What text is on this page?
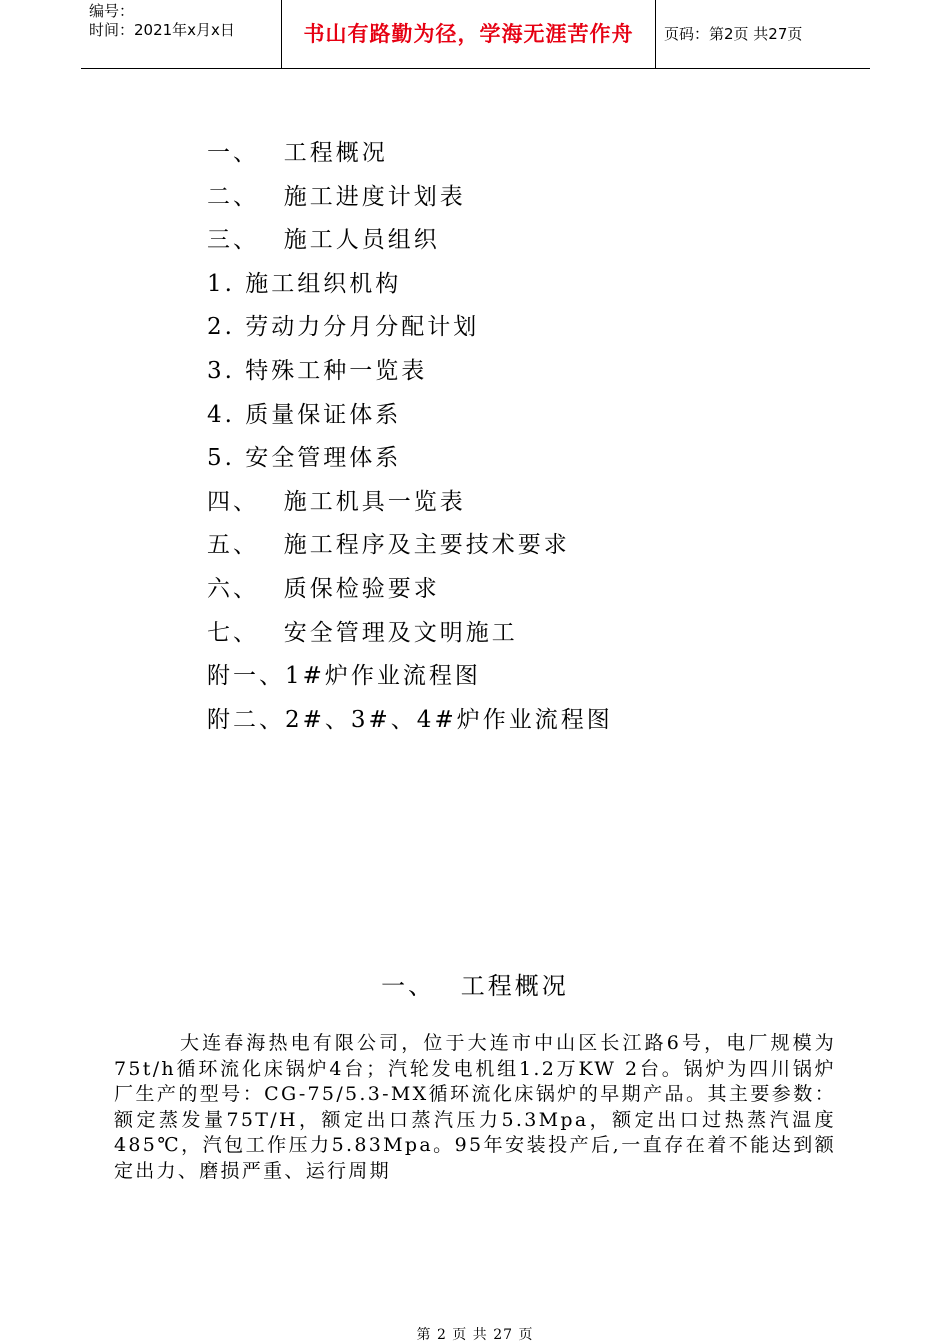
编号：
时间：2021年x月x日	书山有路勤为径，学海无涯苦作舟	页码：第2页 共27页
一、　 工程概况
二、　 施工进度计划表
三、　 施工人员组织
1. 施工组织机构
2. 劳动力分月分配计划
3. 特殊工种一览表
4. 质量保证体系
5. 安全管理体系
四、　 施工机具一览表
五、　 施工程序及主要技术要求
六、　 质保检验要求
七、　 安全管理及文明施工
附一、1#炉作业流程图
附二、2#、3#、4#炉作业流程图
一、　 工程概况

大连春海热电有限公司，位于大连市中山区长江路6号，电厂规模为75t/h循环流化床锅炉4台；汽轮发电机组1.2万KW 2台。锅炉为四川锅炉厂生产的型号：CG-75/5.3-MX循环流化床锅炉的早期产品。其主要参数：额定蒸发量75T/H，额定出口蒸汽压力5.3Mpa，额定出口过热蒸汽温度485℃，汽包工作压力5.83Mpa。95年安装投产后,一直存在着不能达到额定出力、磨损严重、运行周期

第 2 页 共 27 页
